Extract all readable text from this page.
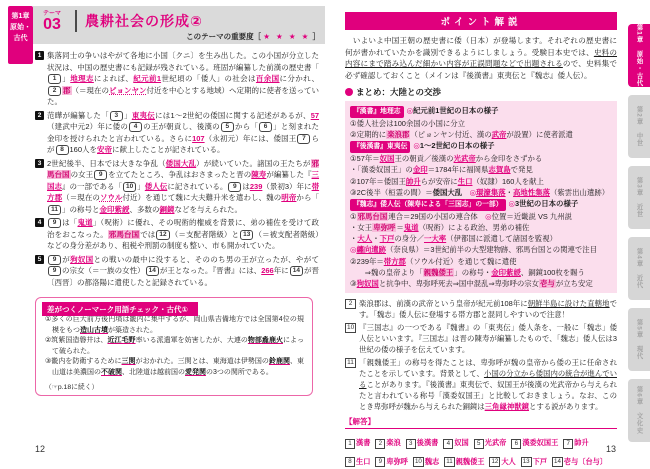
第1章
原始・
古代
テーマ
03 農耕社会の形成②
このテーマの重要度［ ★ ★ ★ ★ ］
1 集落同士の争いはやがて各地に小国〔クニ〕を生み出した。この小国が分立した状況は、中国の歴史書にも記録が残されている。班固が編纂した前漢の歴史書「1 」地理志によれば、紀元前1世紀頃の「倭人」の社会は百余国に分かれ、2 郡（＝現在のピョンヤン付近を中心とする地域）へ定期的に使者を送っていた。
2 范曄が編纂した「 3 」東夷伝には1～2世紀の倭国に関する記述があるが、57（建武中元2）年に倭の 4 の王が朝貢し、後漢の 5 から「 6 」と刻まれた金印を授けられたと言われている。さらに107（永初元）年には、倭国王 7 らが 8 160人を安帝に献上したことが記されている。
3 2世紀後半、日本では大きな争乱（倭国大乱）が続いていた。諸国の王たちが邪馬台国の女王 9 を立てたところ、争乱はおさまったと晋の陳寿が編纂した『三国志』の一部である「 10 」倭人伝に記されている。 9 は239（景初3）年に帯方郡（＝現在のソウル付近）を通じて魏に大夫難升米を遣わし、魏の明帝から「11 」の称号と金印紫綬、多数の銅鏡などを与えられた。
4	9 は「鬼道」（呪術）に優れ、その呪術的権威を背景に、弟の補佐を受けて政治をおこなった。邪馬台国では 12 （＝支配者階級）と 13 （＝被支配者階級）などの身分差があり、租税や刑罰の制度も整い、市も開かれていた。
5	9 が狗奴国との戦いの最中に没すると、そののち男の王が立ったが、やがて9 の宗女（＝一族の女性） 14 が王となった。『晋書』には、266年に 14 が晋〔西晋〕の都洛陽に遣使したと記録されている。
差がつくノーマーク用語チェック・古代①
①多くの巨大前方後円墳は畿内に集中するが、岡山県吉備地方では全国第4位の規模をもつ造山古墳が築造された。
②筑紫国造磐井は、近江毛野率いる派遣軍を妨害したが、大連の物部麁鹿火によって破られた。
③畿内を防衛するために三関がおかれた。三関とは、東海道は伊勢国の鈴鹿関、東山道は美濃国の不破関、北陸道は越前国の愛発関の3つの関所である。
（☞p.18に続く）
ポイント解説
　いよいよ中国王朝の歴史書に倭（日本）が登場します。それぞれの歴史書に何が書かれていたかを識別できるようにしましょう。受験日本史では、史料の内容にまで踏み込んだ細かい内容が正誤問題などで出題されるので、史料集で必ず確認しておくこと（メインは『後漢書』東夷伝と『魏志』倭人伝）。
まとめ：大陸との交渉
『漢書』地理志 ◎紀元前1世紀の日本の様子
①倭人社会は100余国の小国に分立
②定期的に楽浪郡（ピョンヤン付近、漢の武帝が設置）に使者派遣
『後漢書』東夷伝 ◎1～2世紀の日本の様子
①57年＝奴国王の朝貢／後漢の光武帝から金印をさずかる
・「漢委奴国王」の金印＝1784年に福岡県志賀島で発見
②107年＝倭国王帥升らが安帝に生口（奴隷）160人を献上
③2C後半（桓霊の間）＝倭国大乱　 ◎環濠集落・高地性集落（紫雲出山遺跡）
『魏志』倭人伝（陳寿による「三国志」の一部） ◎3世紀の日本の様子
①邪馬台国連合＝29国の小国の連合体　◎位置＝近畿説 VS 九州説
・女王卑弥呼＝鬼道（呪術）による政治、男弟の補佐
・大人・下戸の身分／一大率（伊都国に派遣して諸国を監視）
◎纏向遺跡（奈良県）＝3世紀前半の大型建物跡、邪馬台国との関連で注目
②239年＝帯方郡（ソウル付近）を通じて魏に遣使
　　⇒魏の皇帝より「親魏倭王」の称号・金印紫綬、銅鏡100枚を賜う
③狗奴国と抗争中、卑弥呼死去⇒国中混乱⇒卑弥呼の宗女壱与が立ち安定
2 楽浪郡は、前漢の武帝という皇帝が紀元前108年に朝鮮半島に設けた直轄地です。「魏志」倭人伝に登場する帯方郡と混同しやすいので注意！
10 『三国志』の一つである『魏書』の「東夷伝」倭人条を、一般に「魏志」倭人伝といいます。『三国志』は晋の陳寿が編纂したもので、「魏志」倭人伝は3世紀の倭の様子を伝えています。
11 「親魏倭王」の称号を得たことは、卑弥呼が魏の皇帝から倭の王に任命されたことを示しています。背景として、小国の分立から倭国内の統合が進んでいることがあります。『後漢書』東夷伝で、奴国王が後漢の光武帝から与えられたと言われている称号「漢委奴国王」と比較しておきましょう。なお、このとき卑弥呼が魏から与えられた銅鏡は三角縁神獣鏡とする説があります。
【解答】
1 漢書 2 楽浪 3 後漢書 4 奴国 5 光武帝 6 漢委奴国王 7 帥升8 生口 9 卑弥呼 10 魏志 11 親魏倭王 12 大人 13 下戸 14 壱与〔台与〕
第1章　原始・古代
第2章　中世
第3章　近世
第4章　近代
第5章　現代
第6章　文化史
12	13
